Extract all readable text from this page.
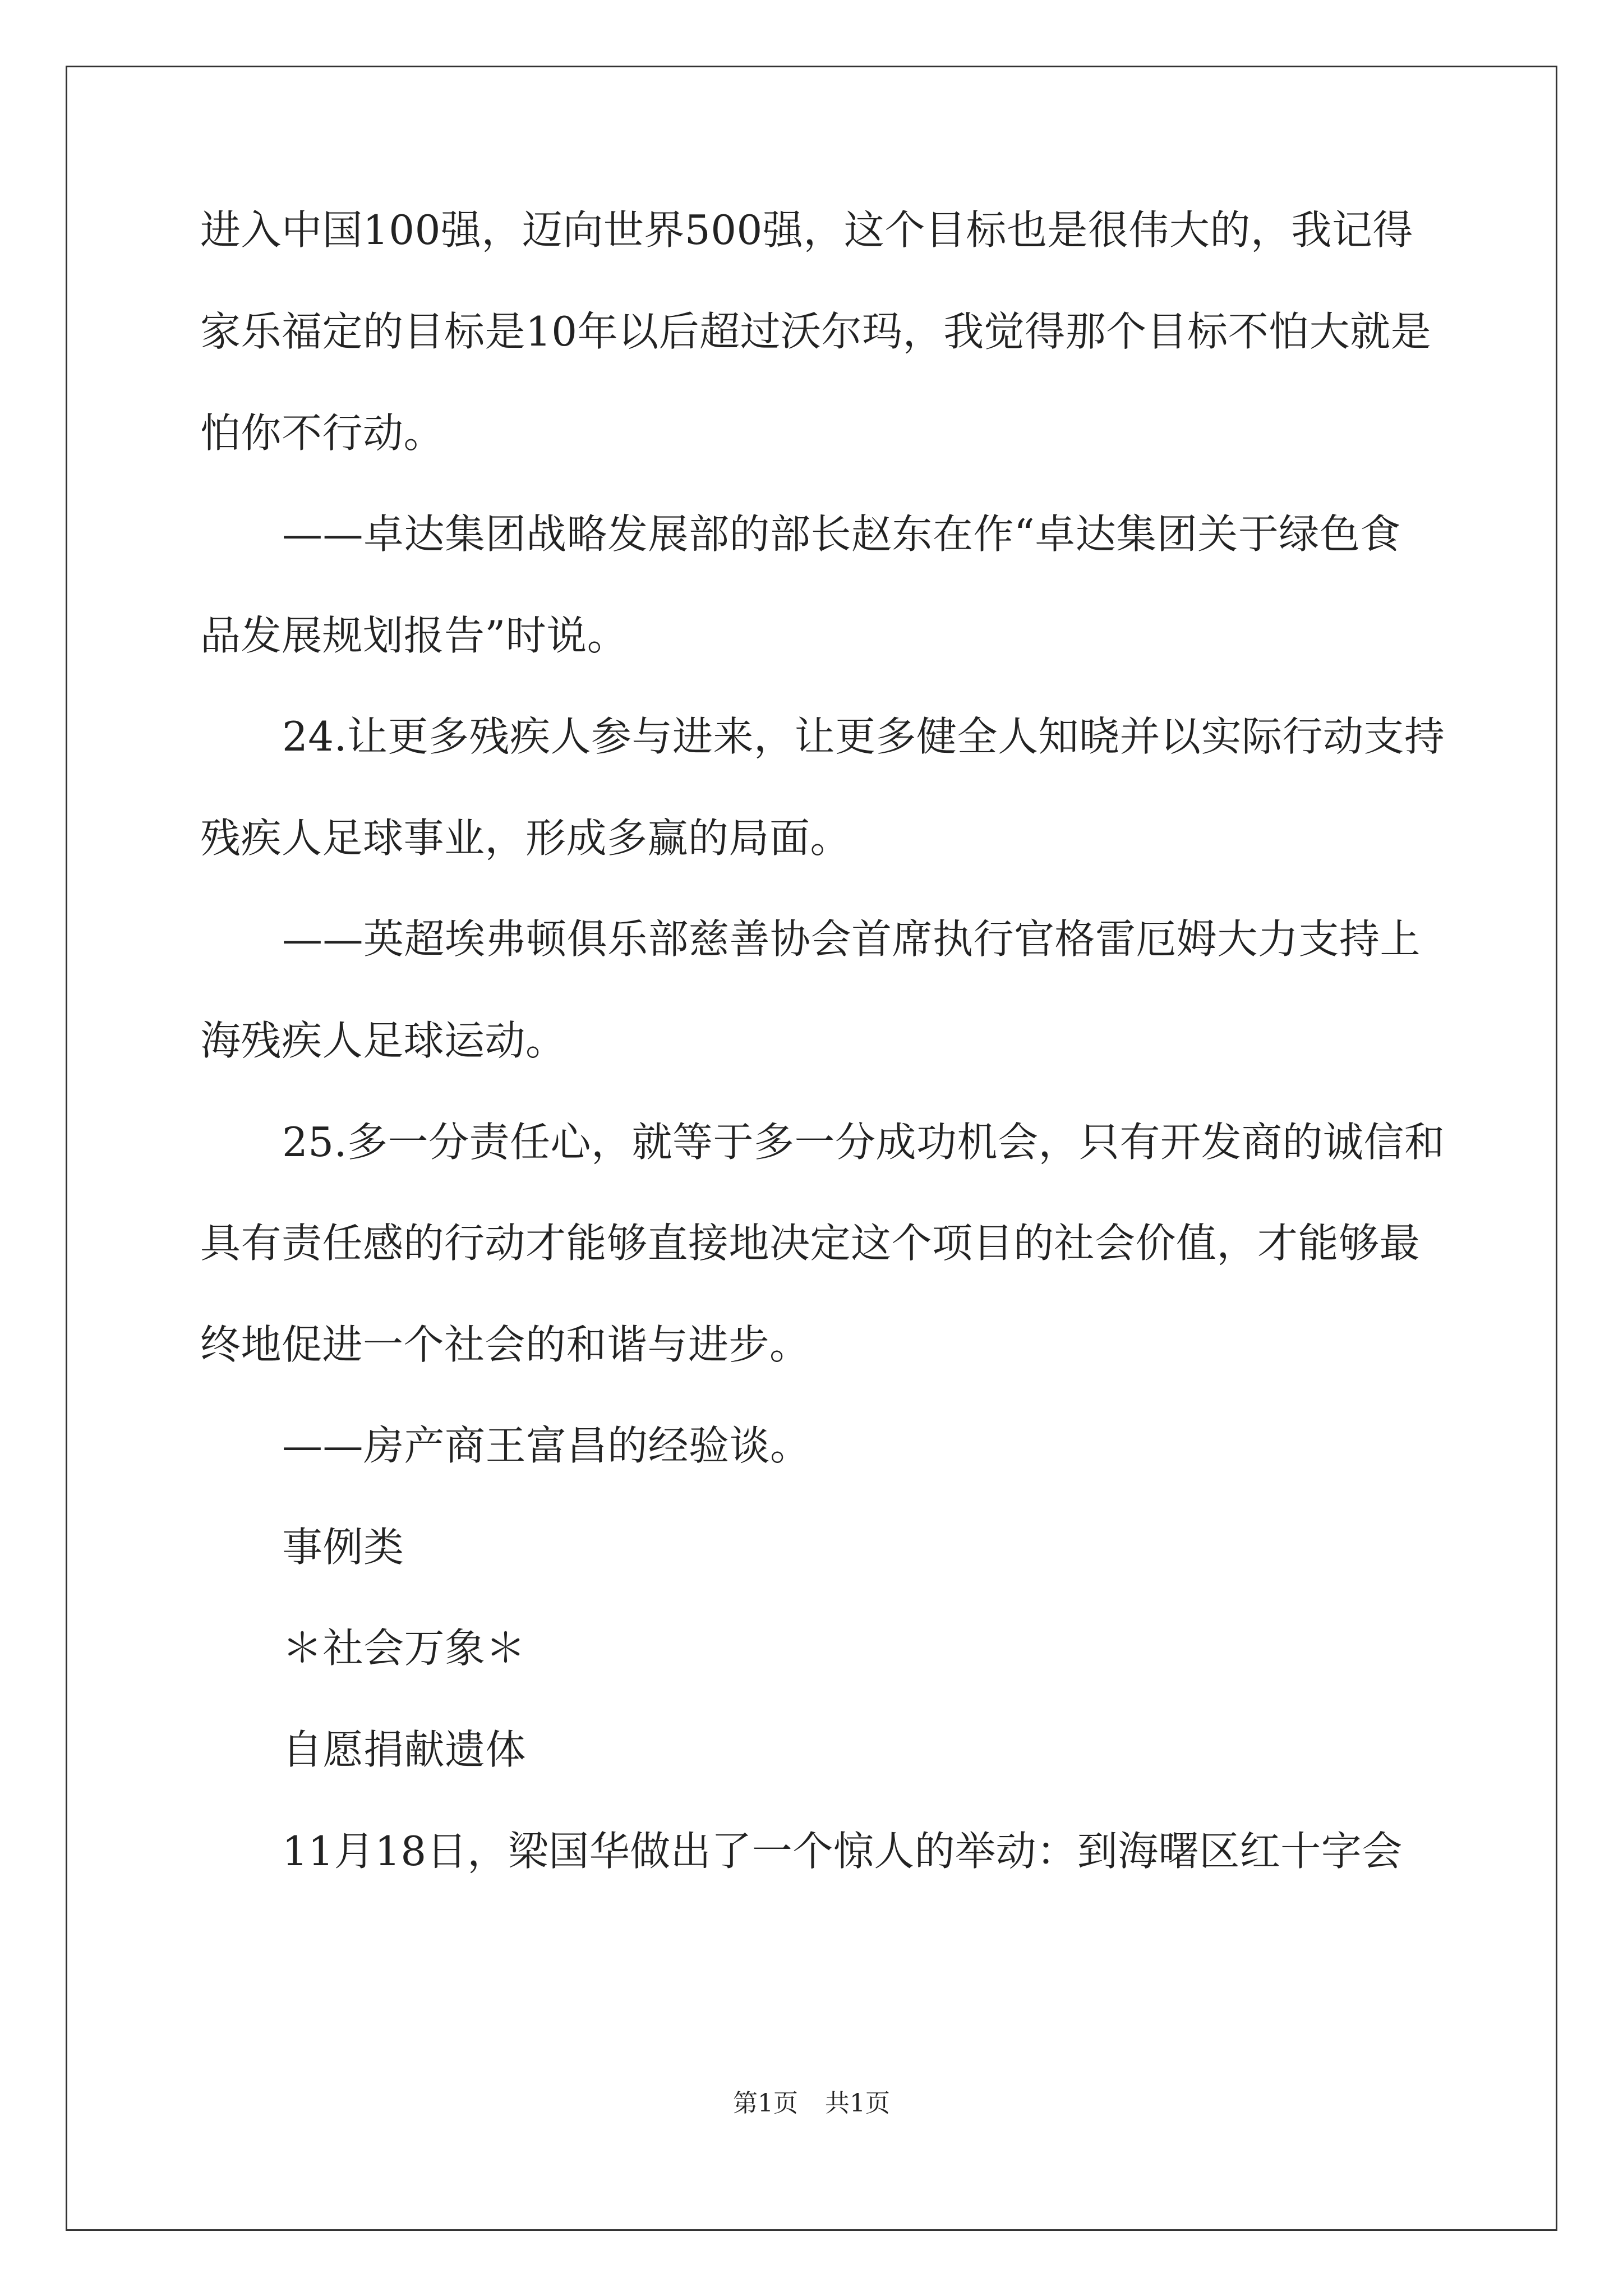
进入中国100强，迈向世界500强，这个目标也是很伟大的，我记得
家乐福定的目标是10年以后超过沃尔玛，我觉得那个目标不怕大就是
怕你不行动。
——卓达集团战略发展部的部长赵东在作“卓达集团关于绿色食
品发展规划报告”时说。
24.让更多残疾人参与进来，让更多健全人知晓并以实际行动支持
残疾人足球事业，形成多赢的局面。
——英超埃弗顿俱乐部慈善协会首席执行官格雷厄姆大力支持上
海残疾人足球运动。
25.多一分责任心，就等于多一分成功机会，只有开发商的诚信和
具有责任感的行动才能够直接地决定这个项目的社会价值，才能够最
终地促进一个社会的和谐与进步。
——房产商王富昌的经验谈。
事例类
＊社会万象＊
自愿捐献遗体
11月18日，梁国华做出了一个惊人的举动：到海曙区红十字会
第1页 共1页
